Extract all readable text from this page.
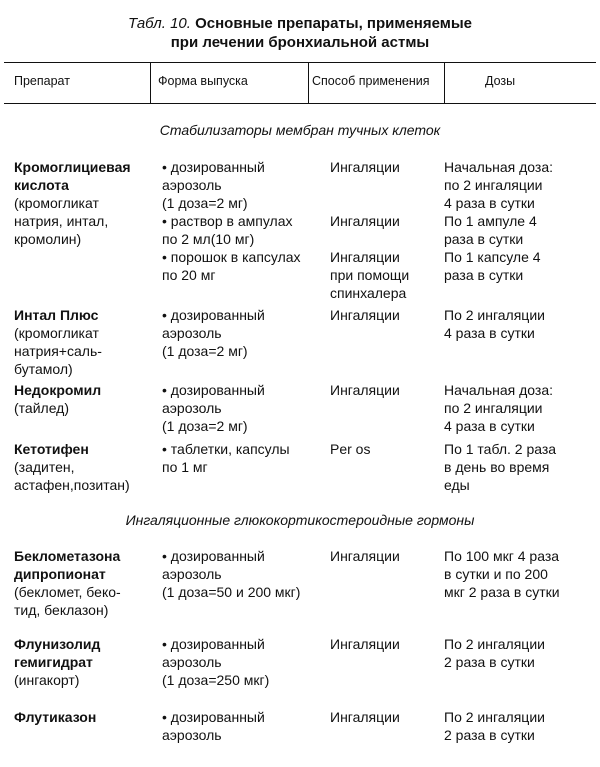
Табл. 10. Основные препараты, применяемые
при лечении бронхиальной астмы
Препарат	Форма выпуска	Способ применения	Дозы
Стабилизаторы мембран тучных клеток
Кромоглициевая
кислота
(кромогликат
натрия, интал,
кромолин)
• дозированный
аэрозоль
(1 доза=2 мг)
• раствор в ампулах
по 2 мл(10 мг)
• порошок в капсулах
по 20 мг
Ингаляции
Ингаляции
Ингаляции
при помощи
спинхалера
Начальная доза:
по 2 ингаляции
4 раза в сутки
По 1 ампуле 4
раза в сутки
По 1 капсуле 4
раза в сутки
Интал Плюс
(кромогликат
натрия+саль-
бутамол)
• дозированный
аэрозоль
(1 доза=2 мг)
Ингаляции	По 2 ингаляции
4 раза в сутки
Недокромил
(тайлед)
• дозированный
аэрозоль
(1 доза=2 мг)
Ингаляции	Начальная доза:
по 2 ингаляции
4 раза в сутки
Кетотифен
(задитен,
астафен,позитан)
• таблетки, капсулы
по 1 мг
Per os	По 1 табл. 2 раза
в день во время
еды
Ингаляционные глюкокортикостероидные гормоны
Беклометазона
дипропионат
(бекломет, беко-
тид, беклазон)
• дозированный
аэрозоль
(1 доза=50 и 200 мкг)
Ингаляции	По 100 мкг 4 раза
в сутки и по 200
мкг 2 раза в сутки
Флунизолид
гемигидрат
(ингакорт)
• дозированный
аэрозоль
(1 доза=250 мкг)
Ингаляции	По 2 ингаляции
2 раза в сутки
Флутиказон
•	дозированный
аэрозоль
Ингаляции	По 2 ингаляции
2 раза в сутки
